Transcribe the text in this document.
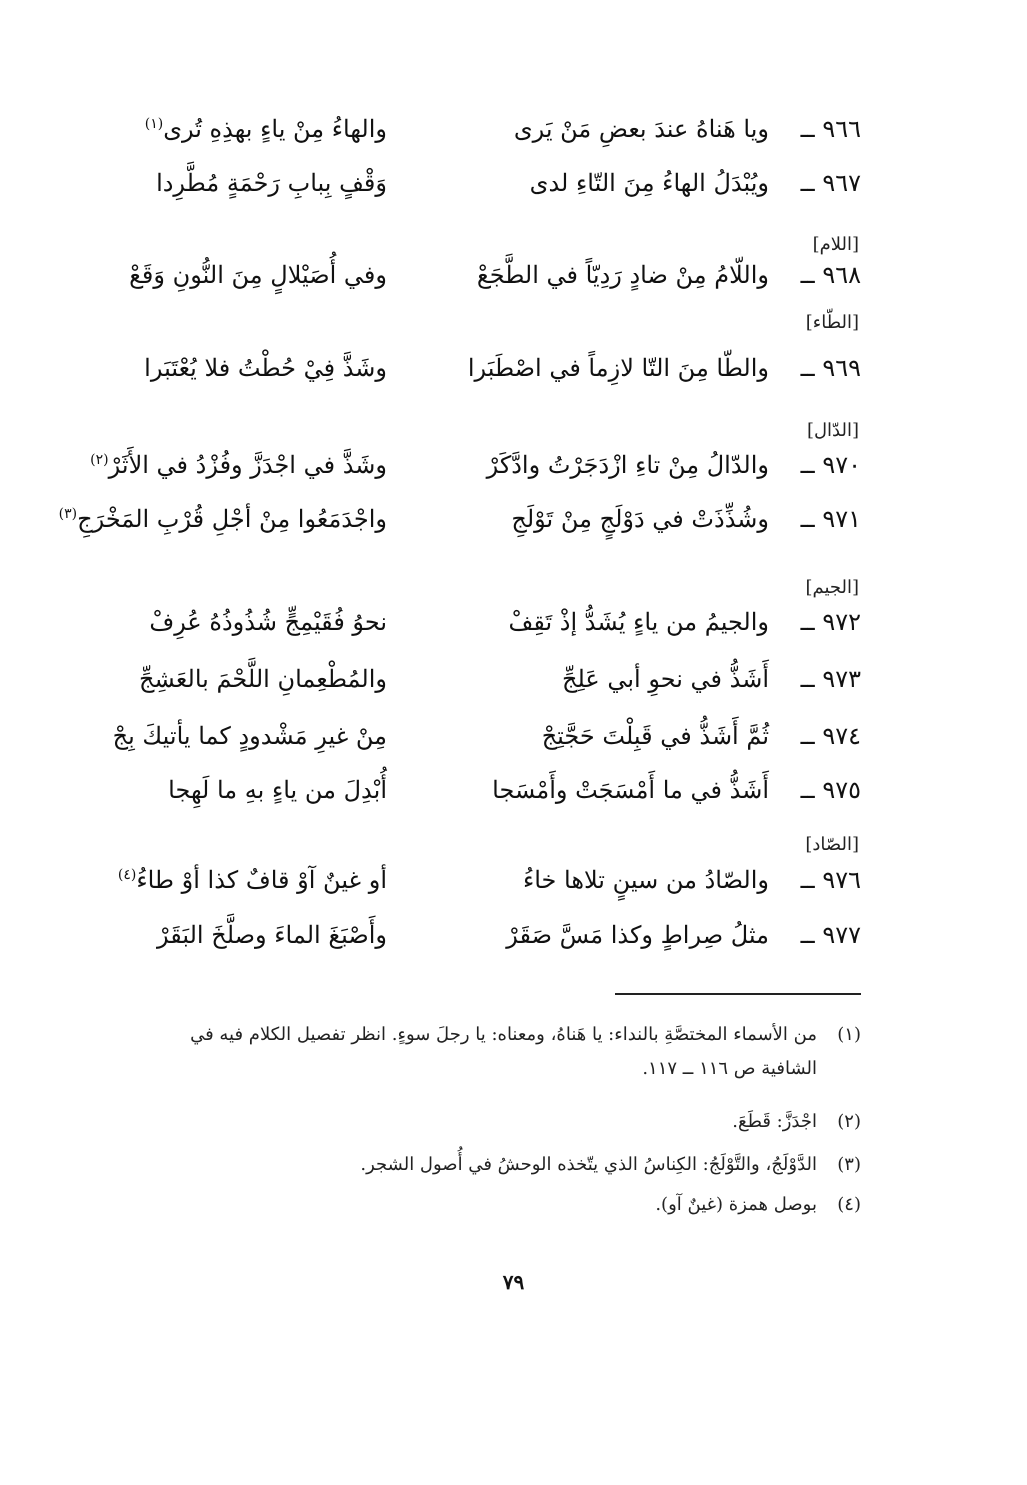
٩٦٦ ــ
ويا هَناهُ عندَ بعضِ مَنْ يَرى
والهاءُ مِنْ ياءٍ بهذِهِ تُرى$^{(١)}$
٩٦٧ ــ
ويُبْدَلُ الهاءُ مِنَ التّاءِ لدى
وَقْفٍ بِبابِ رَحْمَةٍ مُطَّرِدا
[اللام]
٩٦٨ ــ
واللّامُ مِنْ ضادٍ رَدِيّاً في الطَّجَعْ
وفي أُصَيْلالٍ مِنَ النُّونِ وَقَعْ
[الطّاء]
٩٦٩ ــ
والطّا مِنَ التّا لازِماً في اصْطَبَرا
وشَذَّ فِيْ حُطْتُ فلا يُعْتَبَرا
[الدّال]
٩٧٠ ــ
والدّالُ مِنْ تاءِ ازْدَجَرْتُ وادَّكَرْ
وشَذَّ في اجْدَزَّ وفُزْدُ في الأَثَرْ$^{(٢)}$
٩٧١ ــ
وشُذِّذَتْ في دَوْلَجٍ مِنْ تَوْلَجِ
واجْدَمَعُوا مِنْ أجْلِ قُرْبِ المَخْرَجِ$^{(٣)}$
[الجيم]
٩٧٢ ــ
والجيمُ من ياءٍ يُشَدُّ إذْ تَقِفْ
نحوُ فُقَيْمِجٍّ شُذُوذُهُ عُرِفْ
٩٧٣ ــ
أَشَذُّ في نحوِ أبي عَلِجِّ
والمُطْعِمانِ اللَّحْمَ بالعَشِجِّ
٩٧٤ ــ
ثُمَّ أَشَذُّ في قَبِلْتَ حَجَّتِجْ
مِنْ غيرِ مَشْدودٍ كما يأتيكَ بِجْ
٩٧٥ ــ
أَشَذُّ في ما أَمْسَجَتْ وأَمْسَجا
أُبْدِلَ من ياءٍ بهِ ما لَهِجا
[الصّاد]
٩٧٦ ــ
والصّادُ من سينٍ تلاها خاءُ
أو غينٌ آوْ قافٌ كذا أوْ طاءُ$^{(٤)}$
٩٧٧ ــ
مثلُ صِراطٍ وكذا مَسَّ صَقَرْ
وأَصْبَغَ الماءَ وصلَّخَ البَقَرْ
(١)من الأسماء المختصَّةِ بالنداء: يا هَناهُ، ومعناه: يا رجلَ سوءٍ. انظر تفصيل الكلام فيه في
الشافية ص ١١٦ ــ ١١٧.
(٢)اجْدَزَّ: قَطَعَ.
(٣)الدَّوْلَجُ، والتَّوْلَجُ: الكِناسُ الذي يتّخذه الوحشُ في أُصول الشجر.
(٤)بوصل همزة (غينٌ آو).
٧٩
